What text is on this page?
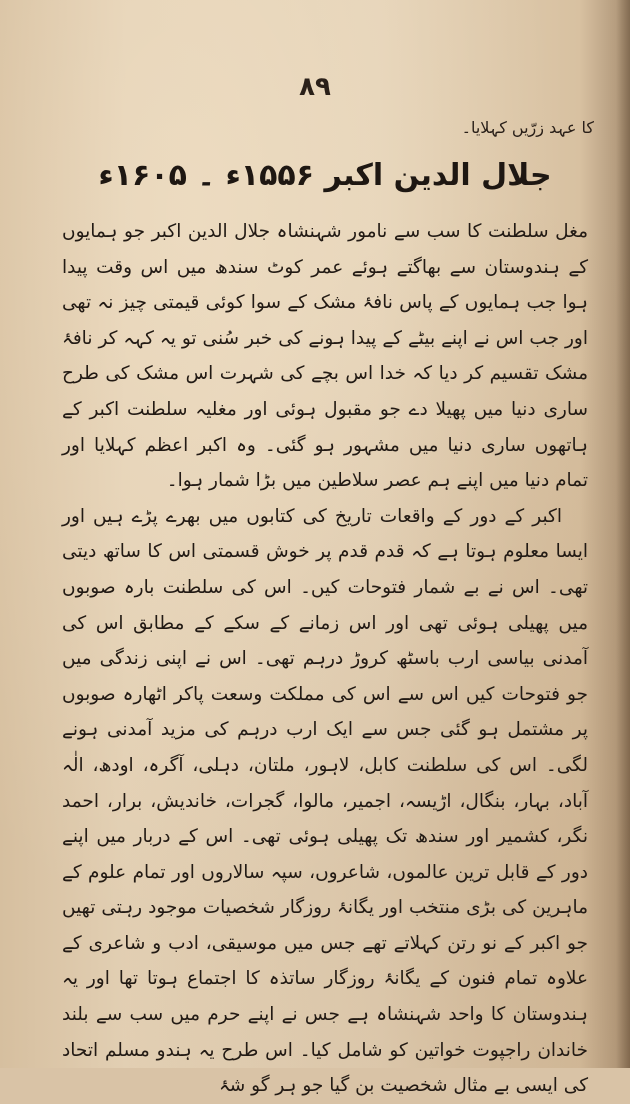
٨٩
کا عہد زرّیں کہلایا۔
جلال الدین اکبر ۱۵۵۶ء ۔ ۱۶۰۵ء

مغل سلطنت کا سب سے نامور شہنشاہ جلال الدین اکبر جو ہمایوں کے ہندوستان سے بھاگتے ہوئے عمر کوٹ سندھ میں اس وقت پیدا ہوا جب ہمایوں کے پاس نافۂ مشک کے سوا کوئی قیمتی چیز نہ تھی اور جب اس نے اپنے بیٹے کے پیدا ہونے کی خبر سُنی تو یہ کہہ کر نافۂ مشک تقسیم کر دیا کہ خدا اس بچے کی شہرت اس مشک کی طرح ساری دنیا میں پھیلا دے جو مقبول ہوئی اور مغلیہ سلطنت اکبر کے ہاتھوں ساری دنیا میں مشہور ہو گئی۔ وہ اکبر اعظم کہلایا اور تمام دنیا میں اپنے ہم عصر سلاطین میں بڑا شمار ہوا۔

اکبر کے دور کے واقعات تاریخ کی کتابوں میں بھرے پڑے ہیں اور ایسا معلوم ہوتا ہے کہ قدم قدم پر خوش قسمتی اس کا ساتھ دیتی تھی۔ اس نے بے شمار فتوحات کیں۔ اس کی سلطنت بارہ صوبوں میں پھیلی ہوئی تھی اور اس زمانے کے سکے کے مطابق اس کی آمدنی بیاسی ارب باسٹھ کروڑ درہم تھی۔ اس نے اپنی زندگی میں جو فتوحات کیں اس سے اس کی مملکت وسعت پاکر اٹھارہ صوبوں پر مشتمل ہو گئی جس سے ایک ارب درہم کی مزید آمدنی ہونے لگی۔ اس کی سلطنت کابل، لاہور، ملتان، دہلی، آگرہ، اودھ، الٰہ آباد، بہار، بنگال، اڑیسہ، اجمیر، مالوا، گجرات، خاندیش، برار، احمد نگر، کشمیر اور سندھ تک پھیلی ہوئی تھی۔ اس کے دربار میں اپنے دور کے قابل ترین عالموں، شاعروں، سپہ سالاروں اور تمام علوم کے ماہرین کی بڑی منتخب اور یگانۂ روزگار شخصیات موجود رہتی تھیں جو اکبر کے نو رتن کہلاتے تھے جس میں موسیقی، ادب و شاعری کے علاوہ تمام فنون کے یگانۂ روزگار ساتذہ کا اجتماع ہوتا تھا اور یہ ہندوستان کا واحد شہنشاہ ہے جس نے اپنے حرم میں سب سے بلند خاندان راجپوت خواتین کو شامل کیا۔ اس طرح یہ ہندو مسلم اتحاد کی ایسی بے مثال شخصیت بن گیا جو ہر گو شۂ
